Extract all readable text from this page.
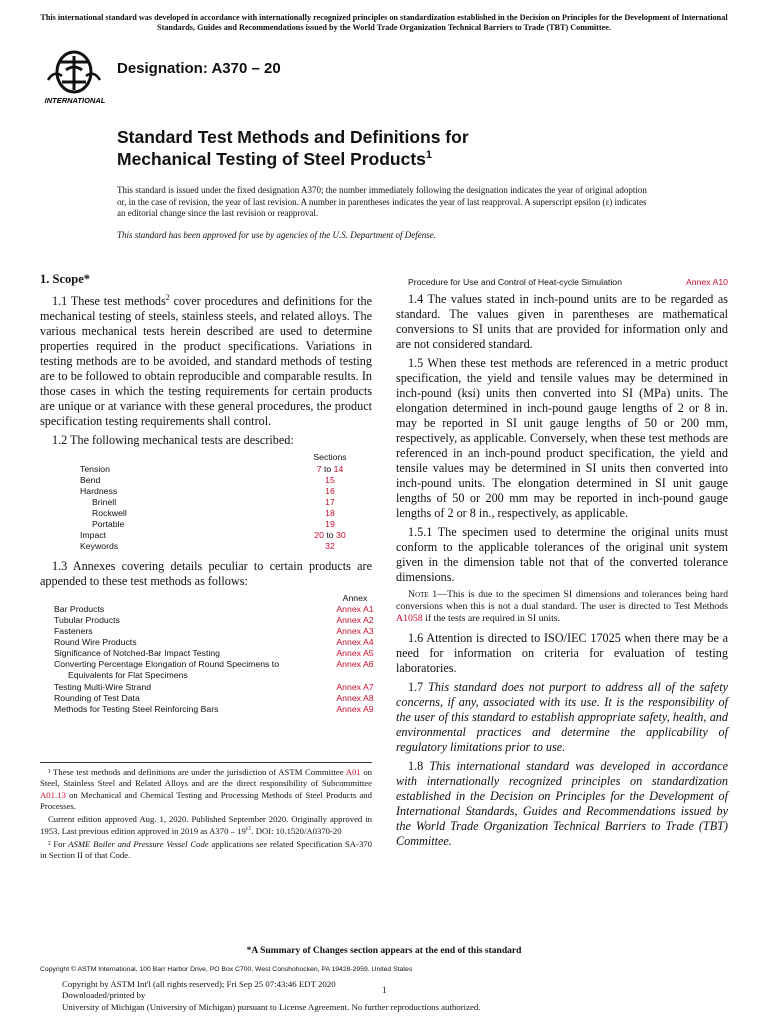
This international standard was developed in accordance with internationally recognized principles on standardization established in the Decision on Principles for the Development of International Standards, Guides and Recommendations issued by the World Trade Organization Technical Barriers to Trade (TBT) Committee.
INTERNATIONAL
Designation: A370 – 20
Standard Test Methods and Definitions for
Mechanical Testing of Steel Products$^1$
This standard is issued under the fixed designation A370; the number immediately following the designation indicates the year of original adoption or, in the case of revision, the year of last revision. A number in parentheses indicates the year of last reapproval. A superscript epsilon (ε) indicates an editorial change since the last revision or reapproval.
This standard has been approved for use by agencies of the U.S. Department of Defense.
1. Scope*
1.1 These test methods$^2$ cover procedures and definitions for the mechanical testing of steels, stainless steels, and related alloys. The various mechanical tests herein described are used to determine properties required in the product specifications. Variations in testing methods are to be avoided, and standard methods of testing are to be followed to obtain reproducible and comparable results. In those cases in which the testing requirements for certain products are unique or at variance with these general procedures, the product specification testing requirements shall control.
1.2 The following mechanical tests are described:
Sections
Tension	7 to 14
Bend	15
Hardness	16
Brinell	17
Rockwell	18
Portable	19
Impact	20 to 30
Keywords	32
1.3 Annexes covering details peculiar to certain products are appended to these test methods as follows:
Annex
Bar Products	Annex A1
Tubular Products	Annex A2
Fasteners	Annex A3
Round Wire Products	Annex A4
Significance of Notched-Bar Impact Testing	Annex A5
Converting Percentage Elongation of Round Specimens to	Annex A6
Equivalents for Flat Specimens
Testing Multi-Wire Strand	Annex A7
Rounding of Test Data	Annex A8
Methods for Testing Steel Reinforcing Bars	Annex A9
¹ These test methods and definitions are under the jurisdiction of ASTM Committee A01 on Steel, Stainless Steel and Related Alloys and are the direct responsibility of Subcommittee A01.13 on Mechanical and Chemical Testing and Processing Methods of Steel Products and Processes.
Current edition approved Aug. 1, 2020. Published September 2020. Originally approved in 1953. Last previous edition approved in 2019 as $A370 - 19^{\varepsilon 1}$. DOI: 10.1520/A0370-20
² For ASME Boiler and Pressure Vessel Code applications see related Specification SA-370 in Section II of that Code.
Procedure for Use and Control of Heat-cycle Simulation	Annex A10
1.4 The values stated in inch-pound units are to be regarded as standard. The values given in parentheses are mathematical conversions to SI units that are provided for information only and are not considered standard.
1.5 When these test methods are referenced in a metric product specification, the yield and tensile values may be determined in inch-pound (ksi) units then converted into SI (MPa) units. The elongation determined in inch-pound gauge lengths of 2 or 8 in. may be reported in SI unit gauge lengths of 50 or 200 mm, respectively, as applicable. Conversely, when these test methods are referenced in an inch-pound product specification, the yield and tensile values may be determined in SI units then converted into inch-pound units. The elongation determined in SI unit gauge lengths of 50 or 200 mm may be reported in inch-pound gauge lengths of 2 or 8 in., respectively, as applicable.
1.5.1 The specimen used to determine the original units must conform to the applicable tolerances of the original unit system given in the dimension table not that of the converted tolerance dimensions.
Note 1—This is due to the specimen SI dimensions and tolerances being hard conversions when this is not a dual standard. The user is directed to Test Methods A1058 if the tests are required in SI units.
1.6 Attention is directed to ISO/IEC 17025 when there may be a need for information on criteria for evaluation of testing laboratories.
1.7 This standard does not purport to address all of the safety concerns, if any, associated with its use. It is the responsibility of the user of this standard to establish appropriate safety, health, and environmental practices and determine the applicability of regulatory limitations prior to use.
1.8 This international standard was developed in accordance with internationally recognized principles on standardization established in the Decision on Principles for the Development of International Standards, Guides and Recommendations issued by the World Trade Organization Technical Barriers to Trade (TBT) Committee.
*A Summary of Changes section appears at the end of this standard
Copyright © ASTM International, 100 Barr Harbor Drive, PO Box C700, West Conshohocken, PA 19428-2959. United States
Copyright by ASTM Int'l (all rights reserved); Fri Sep 25 07:43:46 EDT 2020
Downloaded/printed by
University of Michigan (University of Michigan) pursuant to License Agreement. No further reproductions authorized.
1
